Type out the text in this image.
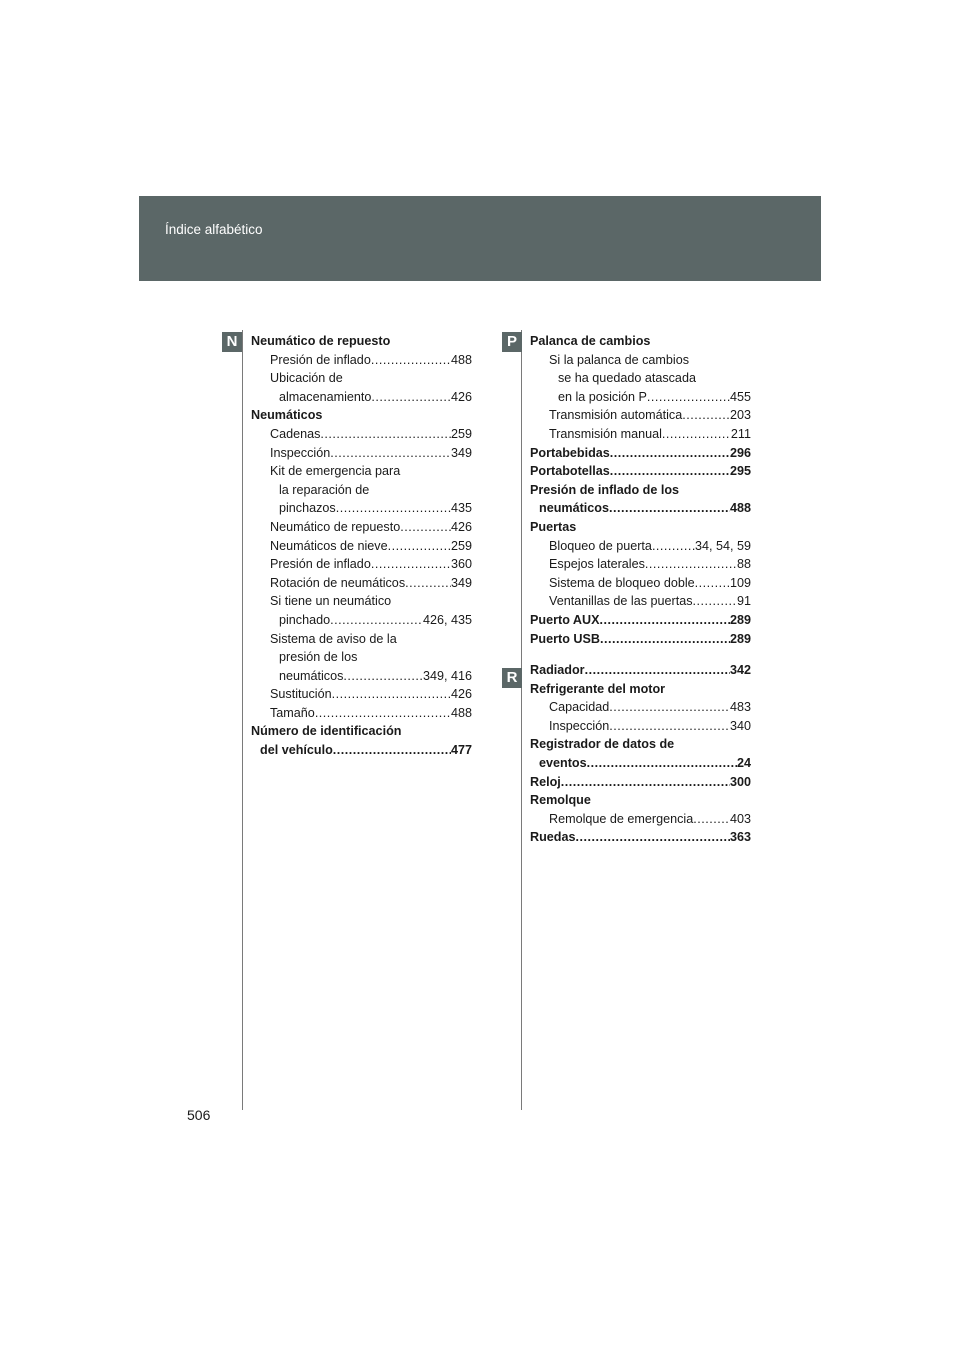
Índice alfabético
N	P
R
Neumático de repuesto
Presión de inflado .....	488
Ubicación de
almacenamiento .....	426
Neumáticos
Cadenas .....	259
Inspección .....	349
Kit de emergencia para
la reparación de
pinchazos .....	435
Neumático de repuesto .....	426
Neumáticos de nieve .....	259
Presión de inflado .....	360
Rotación de neumáticos .....	349
Si tiene un neumático
pinchado .....	426, 435
Sistema de aviso de la
presión de los
neumáticos .....	349, 416
Sustitución .....	426
Tamaño .....	488
Número de identificación
del vehículo .....	477
Palanca de cambios
Si la palanca de cambios
se ha quedado atascada
en la posición P .....	455
Transmisión automática .....	203
Transmisión manual .....	211
Portabebidas .....	296
Portabotellas .....	295
Presión de inflado de los
neumáticos .....	488
Puertas
Bloqueo de puerta .....	34, 54, 59
Espejos laterales .....	88
Sistema de bloqueo doble .....	109
Ventanillas de las puertas .....	91
Puerto AUX .....	289
Puerto USB .....	289
Radiador .....	342
Refrigerante del motor
Capacidad .....	483
Inspección .....	340
Registrador de datos de
eventos .....	24
Reloj .....	300
Remolque
Remolque de emergencia .....	403
Ruedas .....	363
506
